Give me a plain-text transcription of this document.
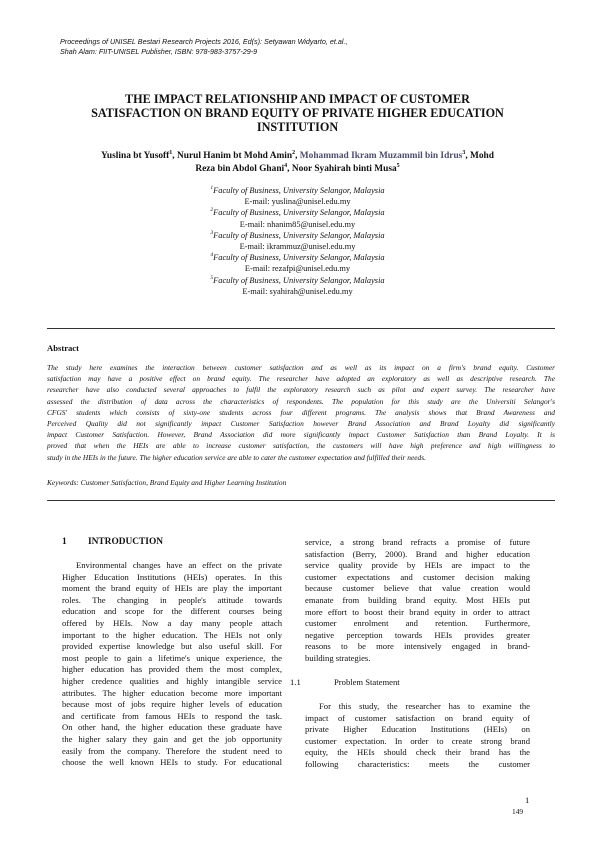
Proceedings of UNISEL Bestari Research Projects 2016, Ed(s): Setyawan Widyarto, et.al.,
Shah Alam: FIIT-UNISEL Publisher, ISBN: 978-983-3757-29-9
THE IMPACT RELATIONSHIP AND IMPACT OF CUSTOMER
SATISFACTION ON BRAND EQUITY OF PRIVATE HIGHER EDUCATION
INSTITUTION
Yuslina bt Yusoff$^1$, Nurul Hanim bt Mohd Amin$^2$, Mohammad Ikram Muzammil bin Idrus$^3$, Mohd
Reza bin Abdol Ghani$^4$, Noor Syahirah binti Musa$^5$
$^1$Faculty of Business, University Selangor, Malaysia
E-mail: yuslina@unisel.edu.my
$^2$Faculty of Business, University Selangor, Malaysia
E-mail: nhanim85@unisel.edu.my
$^3$Faculty of Business, University Selangor, Malaysia
E-mail: ikrammuz@unisel.edu.my
$^4$Faculty of Business, University Selangor, Malaysia
E-mail: rezafpi@unisel.edu.my
$^5$Faculty of Business, University Selangor, Malaysia
E-mail: syahirah@unisel.edu.my
Abstract
The study here examines the interaction between customer satisfaction and as well as its impact on a firm's brand equity. Customer
satisfaction may have a positive effect on brand equity. The researcher have adopted an exploratory as well as descriptive research. The
researcher have also conducted several approaches to fulfil the exploratory research such as pilot and expert survey. The researcher have
assessed the distribution of data across the characteristics of respondents. The population for this study are the Universiti Selangor's
CFGS' students which consists of sixty-one students across four different programs. The analysis shows that Brand Awareness and
Perceived Quality did not significantly impact Customer Satisfaction however Brand Association and Brand Loyalty did significantly
impact Customer Satisfaction. However, Brand Association did more significantly impact Customer Satisfaction than Brand Loyalty. It is
proved that when the HEIs are able to increase customer satisfaction, the customers will have high preference and high willingness to
study in the HEIs in the future. The higher education service are able to cater the customer expectation and fulfilled their needs.
Keywords: Customer Satisfaction, Brand Equity and Higher Learning Institution
1 INTRODUCTION
Environmental changes have an effect on the private
Higher Education Institutions (HEIs) operates. In this
moment the brand equity of HEIs are play the important
roles. The changing in people's attitude towards
education and scope for the different courses being
offered by HEIs. Now a day many people attach
important to the higher education. The HEIs not only
provided expertise knowledge but also useful skill. For
most people to gain a lifetime's unique experience, the
higher education has provided them the most complex,
higher credence qualities and highly intangible service
attributes. The higher education become more important
because most of jobs require higher levels of education
and certificate from famous HEIs to respond the task.
On other hand, the higher education these graduate have
the higher salary they gain and get the job opportunity
easily from the company. Therefore the student need to
choose the well known HEIs to study. For educational
service, a strong brand refracts a promise of future
satisfaction (Berry, 2000). Brand and higher education
service quality provide by HEIs are impact to the
customer expectations and customer decision making
because customer believe that value creation would
emanate from building brand equity. Most HEIs put
more effort to boost their brand equity in order to attract
customer enrolment and retention. Furthermore,
negative perception towards HEIs provides greater
reasons to be more intensively engaged in brand-
building strategies.
1.1	Problem Statement
For this study, the researcher has to examine the
impact of customer satisfaction on brand equity of
private Higher Education Institutions (HEIs) on
customer expectation. In order to create strong brand
equity, the HEIs should check their brand has the
following characteristics: meets the customer
1
149
